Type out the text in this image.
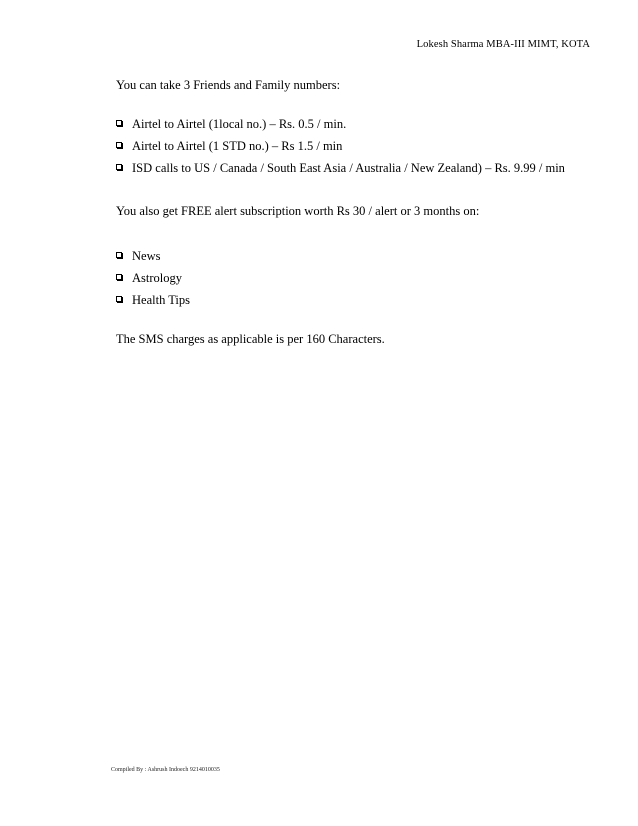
Lokesh Sharma MBA-III MIMT, KOTA
You can take 3 Friends and Family numbers:
Airtel to Airtel (1local no.) – Rs. 0.5 / min.
Airtel to Airtel (1 STD no.) – Rs 1.5 / min
ISD calls to US / Canada / South East Asia / Australia / New Zealand) – Rs. 9.99 / min
You also get FREE alert subscription worth Rs 30 / alert or 3 months on:
News
Astrology
Health Tips
The SMS charges as applicable is per 160 Characters.
Compiled By : Ashrush Indoech 9214010035
